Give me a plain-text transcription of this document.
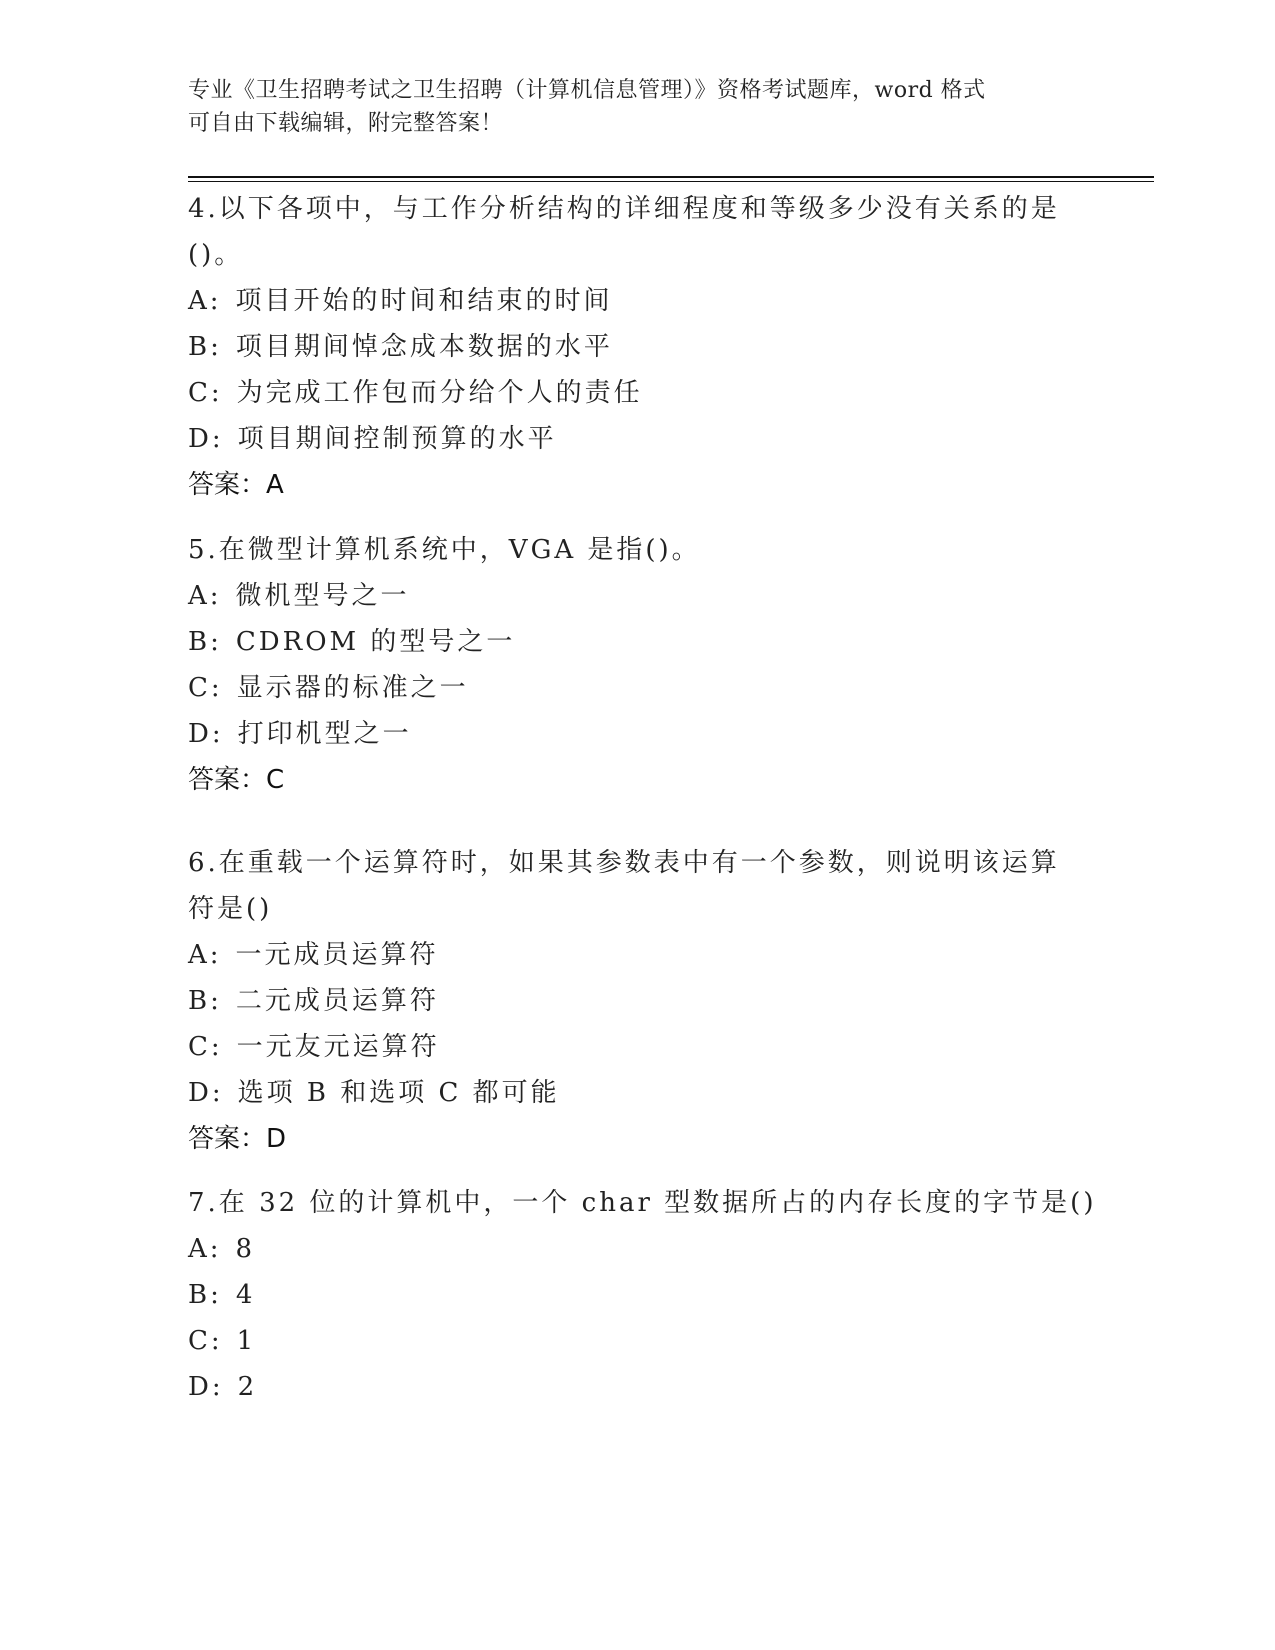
专业《卫生招聘考试之卫生招聘（计算机信息管理）》资格考试题库，word 格式
可自由下载编辑，附完整答案！
4.以下各项中，与工作分析结构的详细程度和等级多少没有关系的是
()。
A: 项目开始的时间和结束的时间
B: 项目期间悼念成本数据的水平
C: 为完成工作包而分给个人的责任
D: 项目期间控制预算的水平
答案：A
5.在微型计算机系统中，VGA 是指()。
A: 微机型号之一
B: CDROM 的型号之一
C: 显示器的标准之一
D: 打印机型之一
答案：C
6.在重载一个运算符时，如果其参数表中有一个参数，则说明该运算
符是()
A: 一元成员运算符
B: 二元成员运算符
C: 一元友元运算符
D: 选项 B 和选项 C 都可能
答案：D
7.在 32 位的计算机中，一个 char 型数据所占的内存长度的字节是()
A: 8
B: 4
C: 1
D: 2
